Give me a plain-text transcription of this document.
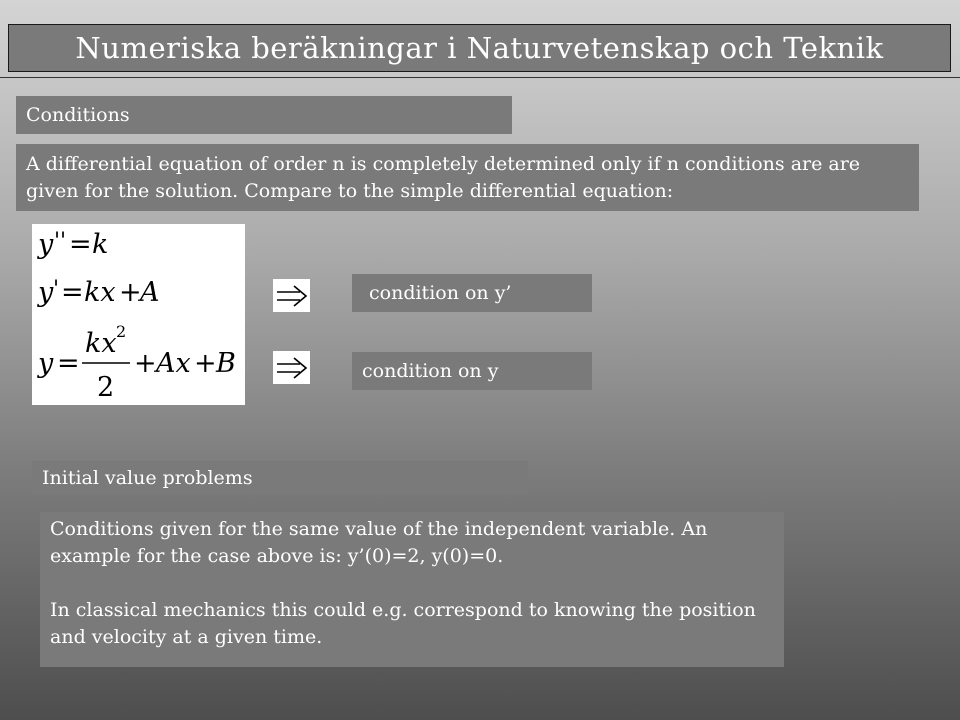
Numeriska beräkningar i Naturvetenskap och Teknik
Conditions
A differential equation of order n is completely determined only if n conditions are are given for the solution. Compare to the simple differential equation:
y '' = k
y ' = kx +
A
y =
kx 2
2
+ Ax + B
condition on y’
condition on y
Initial value problems
Conditions given for the same value of the independent variable. An example for the case above is: y’(0)=2, y(0)=0.
In classical mechanics this could e.g. correspond to knowing the position and velocity at a given time.
